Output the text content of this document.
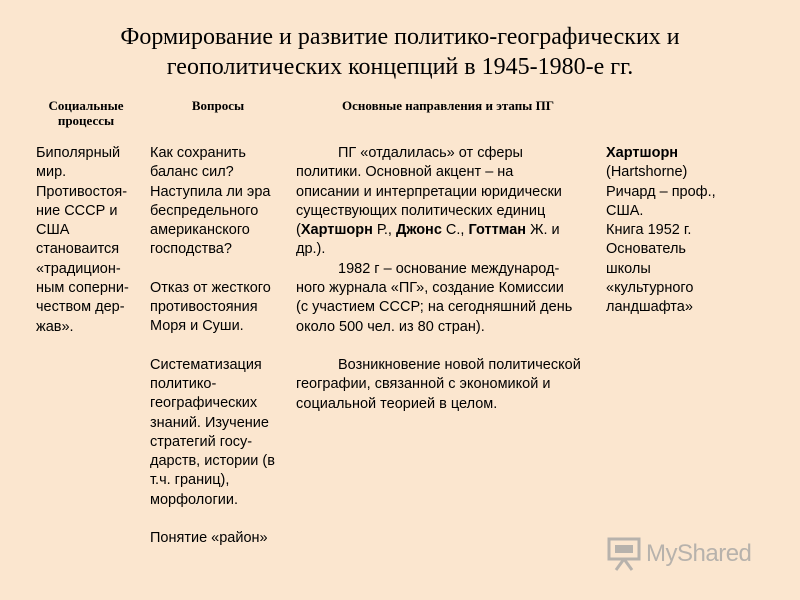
Формирование и развитие политико-географических и
геополитических концепций в 1945-1980-е гг.
Социальные
процессы
Вопросы	Основные направления и этапы ПГ

Биполярный

мир.

Противостоя-

ние СССР и

США

становаится

«традицион-

ным соперни-

чеством дер-

жав».

Как сохранить

баланс сил?

Наступила ли эра

беспредельного

американского

господства?

Отказ от жесткого

противостояния

Моря и Суши.

Систематизация

политико-

географических

знаний. Изучение

стратегий госу-

дарств, истории (в

т.ч. границ),

морфологии.

Понятие «район»

ПГ «отдалилась» от сферы

политики. Основной акцент – на

описании и интерпретации юридически

существующих политических единиц

(Хартшорн Р., Джонс С., Готтман Ж. и

др.).

1982 г – основание международ-

ного журнала «ПГ», создание Комиссии

(с участием СССР; на сегодняшний день

около 500 чел. из 80 стран).

Возникновение новой политической

географии, связанной с экономикой и

социальной теорией в целом.

Хартшорн

(Hartshorne)

Ричард – проф.,

США.

Книга 1952 г.

Основатель

школы

«культурного

ландшафта»

MyShared
